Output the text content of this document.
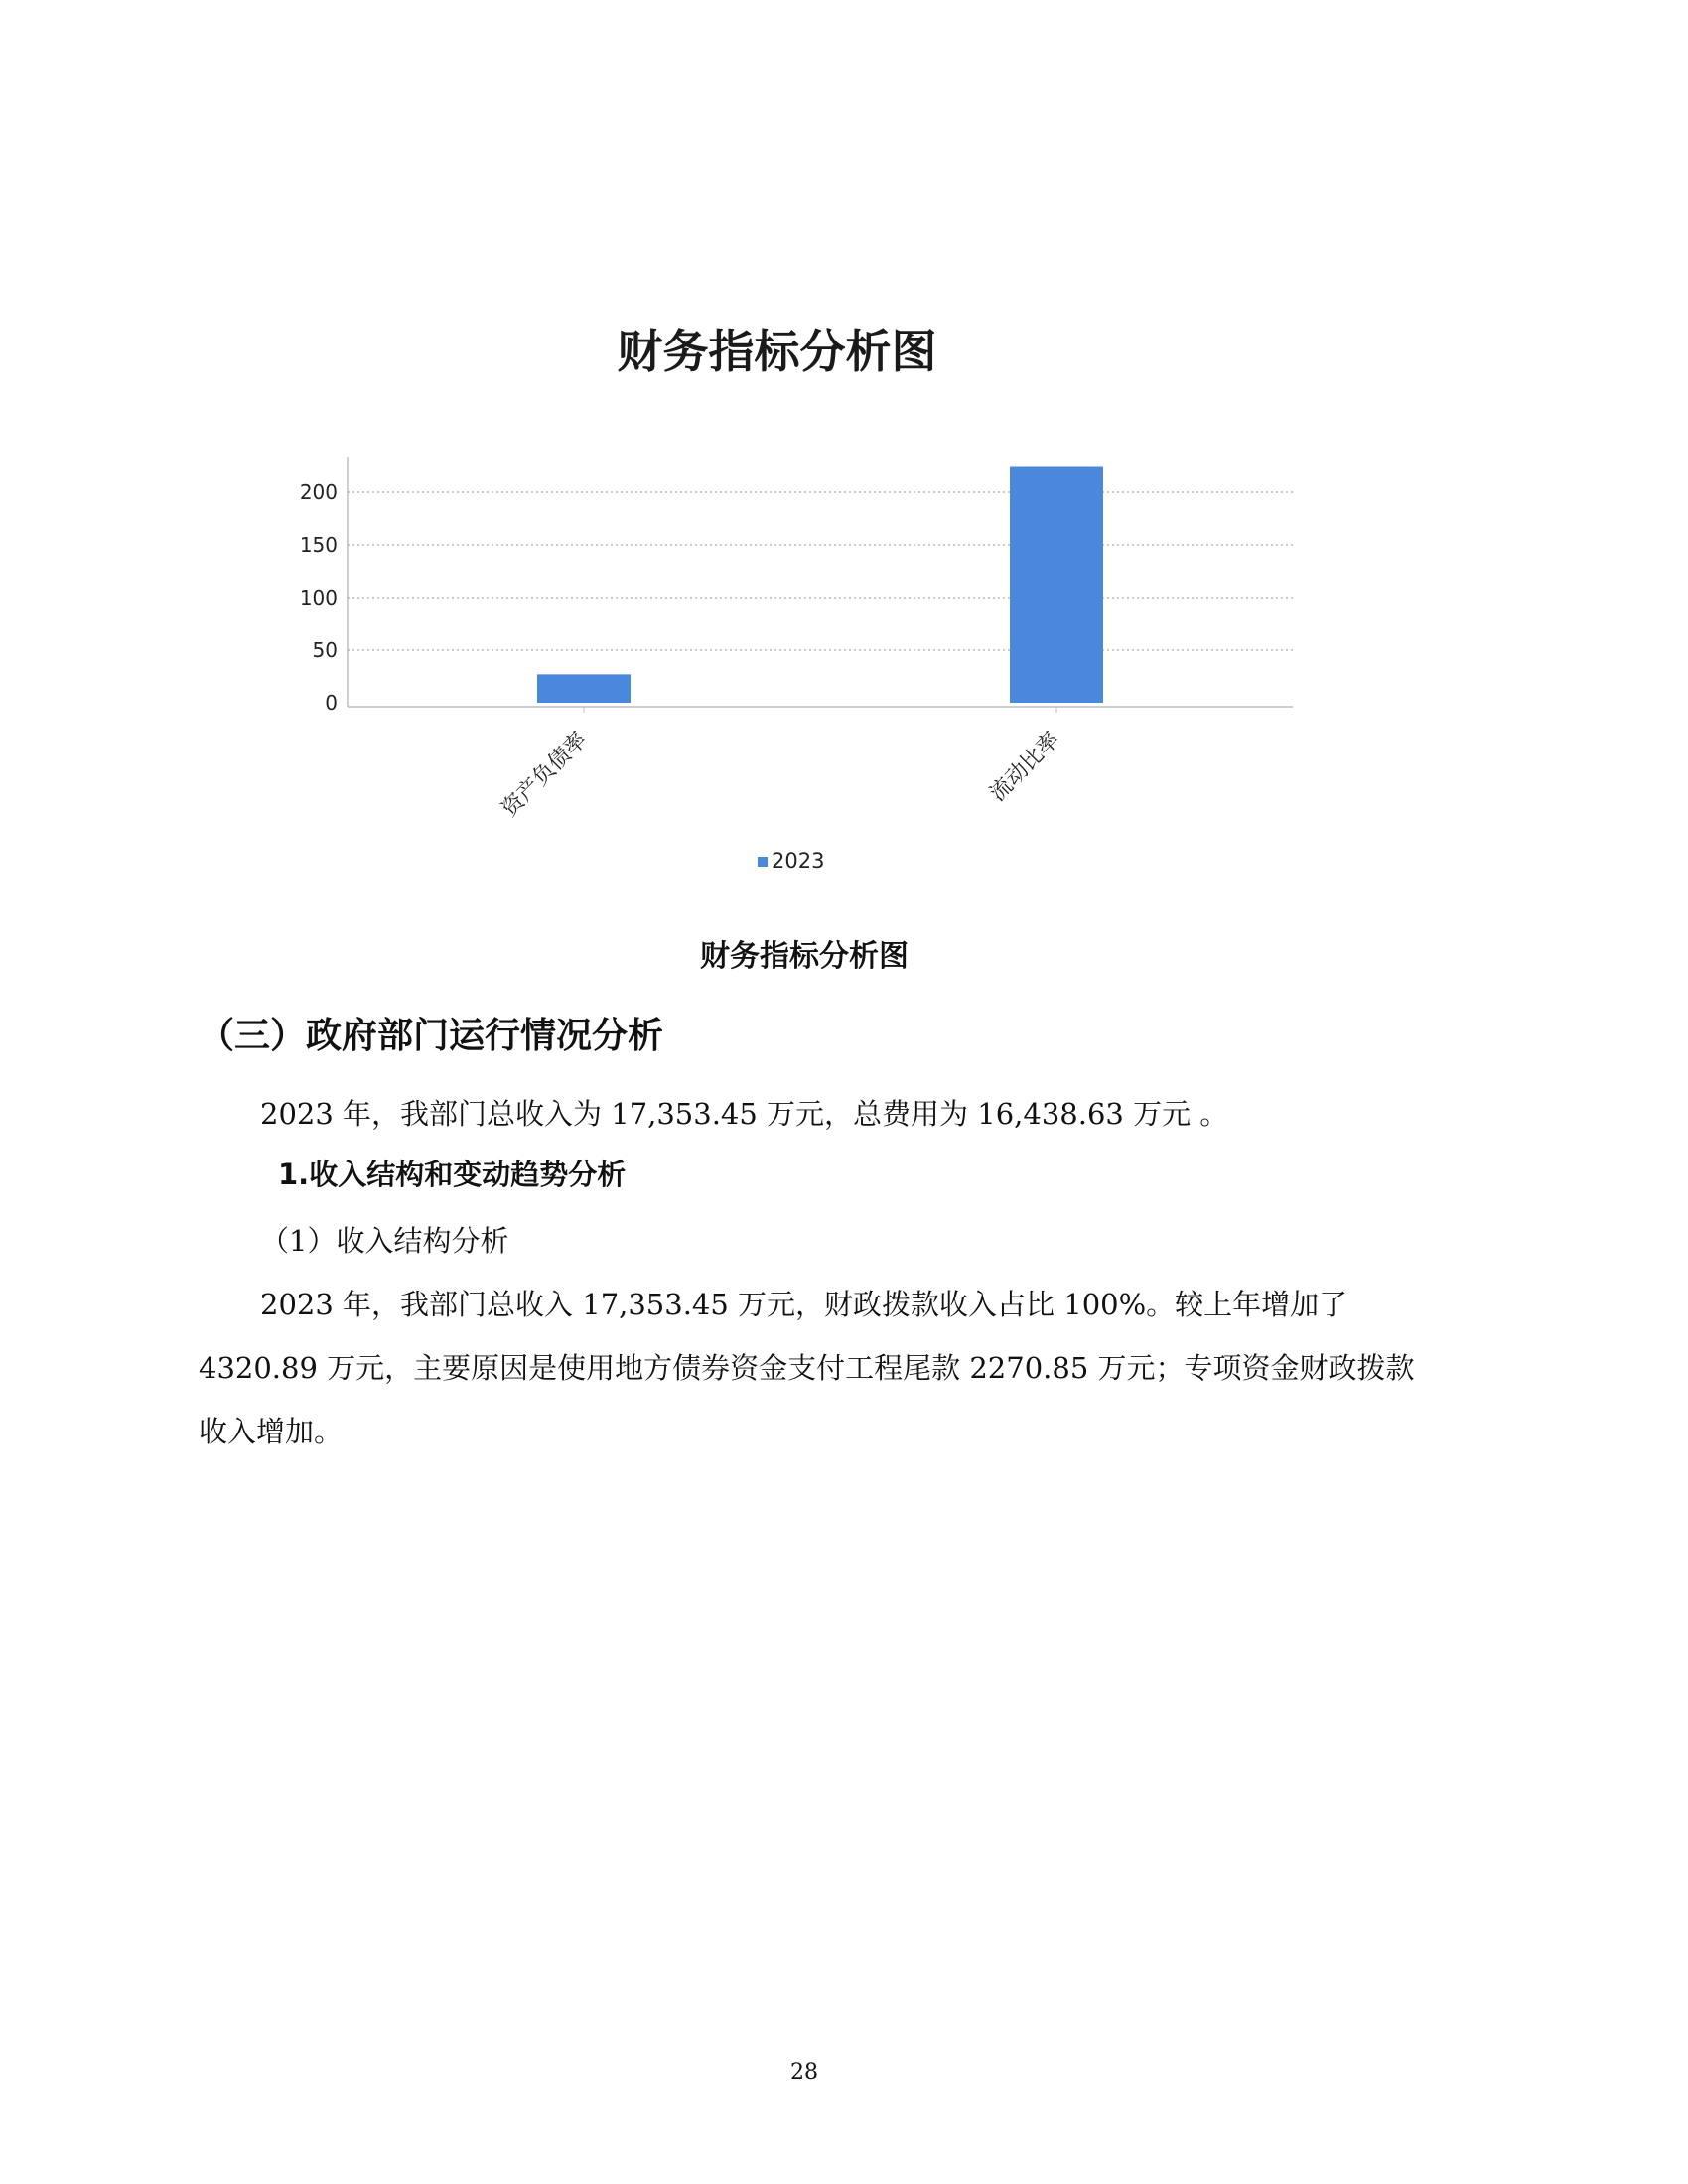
财务指标分析图
0
50
100
150
200
资产负债率	流动比率
2023

财务指标分析图

（三）政府部门运行情况分析

2023 年，我部门总收入为 17,353.45 万元，总费用为 16,438.63 万元 。

1.收入结构和变动趋势分析

（1）收入结构分析

2023 年，我部门总收入 17,353.45 万元，财政拨款收入占比 100%。较上年增加了 4320.89 万元，主要原因是使用地方债券资金支付工程尾款 2270.85 万元；专项资金财政拨款收入增加。

28
